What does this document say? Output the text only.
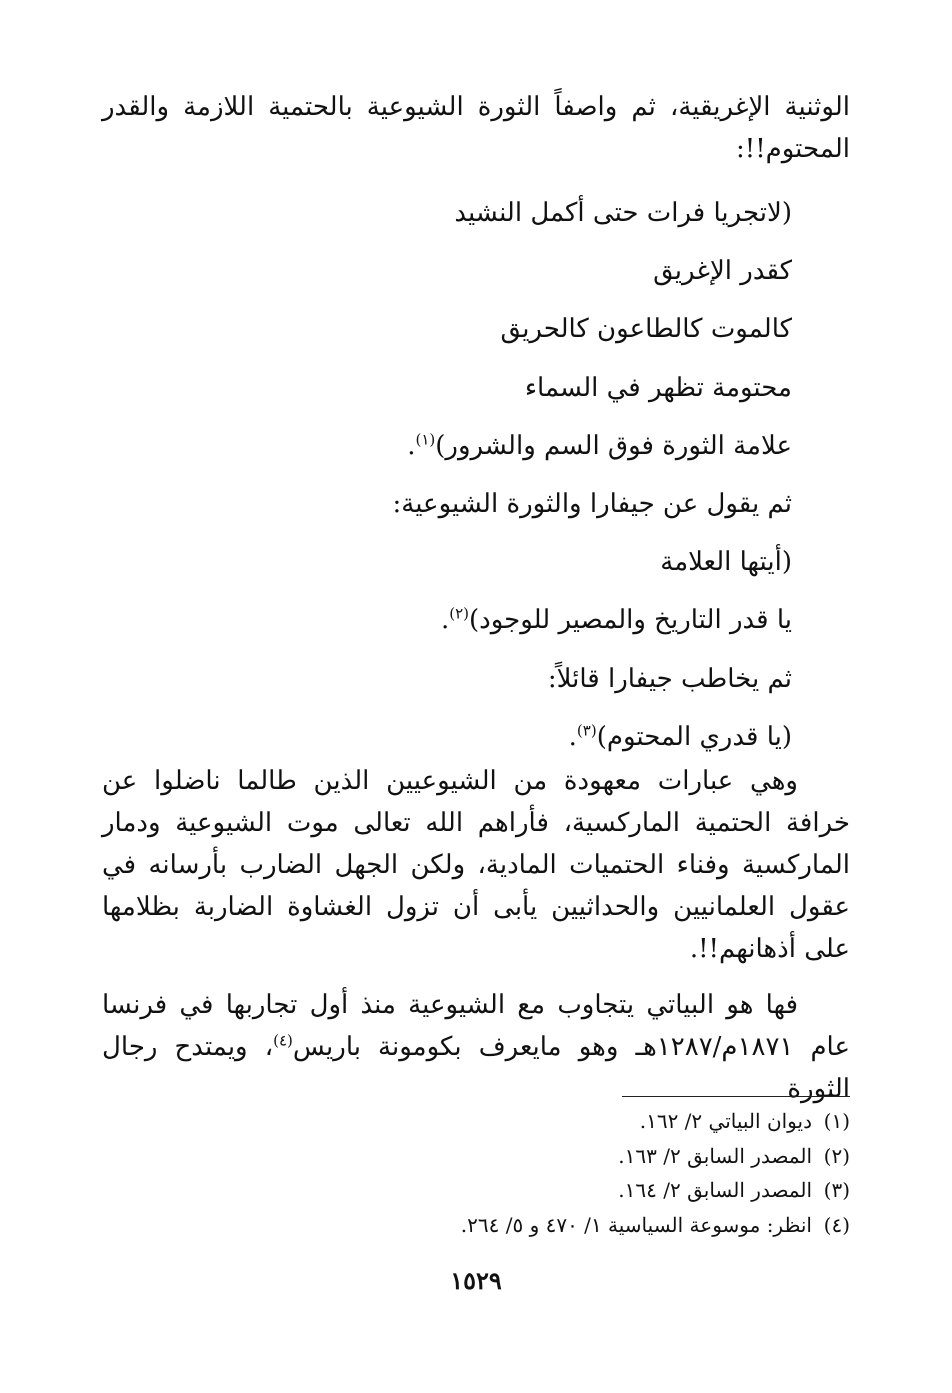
الوثنية الإغريقية، ثم واصفاً الثورة الشيوعية بالحتمية اللازمة والقدر المحتوم!!:

(لاتجريا فرات حتى أكمل النشيد
كقدر الإغريق
كالموت كالطاعون كالحريق
محتومة تظهر في السماء
علامة الثورة فوق السم والشرور)$^{(١)}$.
ثم يقول عن جيفارا والثورة الشيوعية:
(أيتها العلامة
يا قدر التاريخ والمصير للوجود)$^{(٢)}$.
ثم يخاطب جيفارا قائلاً:
(يا قدري المحتوم)$^{(٣)}$.

وهي عبارات معهودة من الشيوعيين الذين طالما ناضلوا عن خرافة الحتمية الماركسية، فأراهم الله تعالى موت الشيوعية ودمار الماركسية وفناء الحتميات المادية، ولكن الجهل الضارب بأرسانه في عقول العلمانيين والحداثيين يأبى أن تزول الغشاوة الضاربة بظلامها على أذهانهم!!.

فها هو البياتي يتجاوب مع الشيوعية منذ أول تجاربها في فرنسا عام ١٨٧١م/١٢٨٧هـ وهو مايعرف بكومونة باريس$^{(٤)}$، ويمتدح رجال الثورة

(١)ديوان البياتي ٢/ ١٦٢.
(٢)المصدر السابق ٢/ ١٦٣.
(٣)المصدر السابق ٢/ ١٦٤.
(٤)انظر: موسوعة السياسية ١/ ٤٧٠ و ٥/ ٢٦٤.
١٥٢٩
